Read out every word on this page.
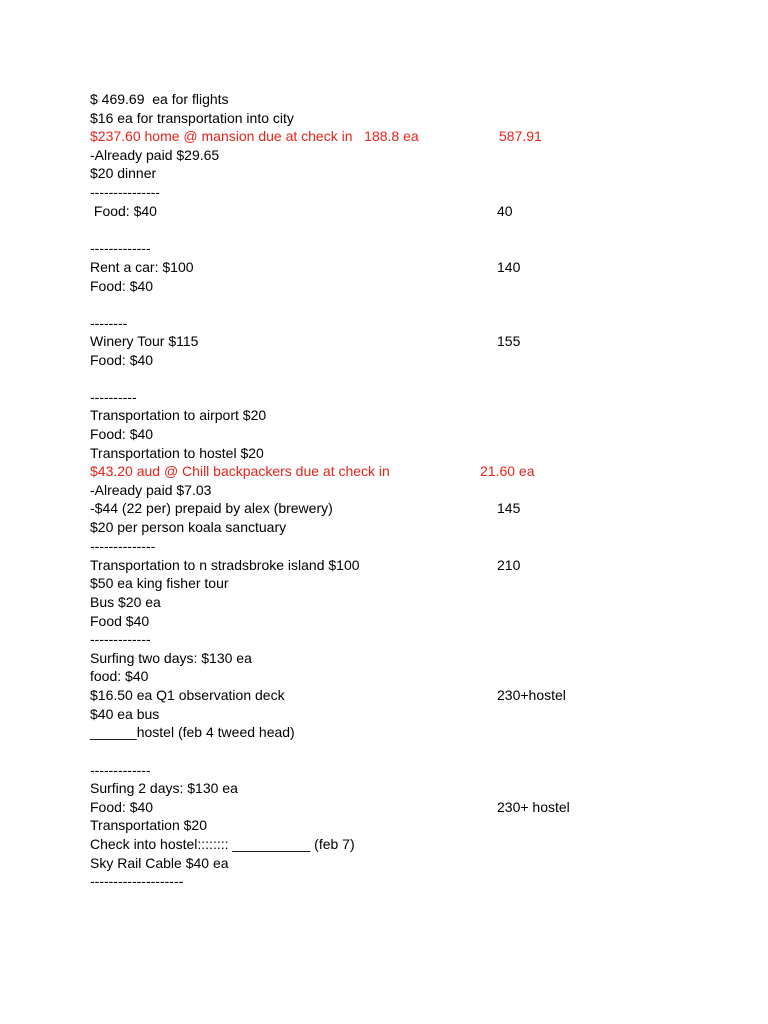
$ 469.69  ea for flights
$16 ea for transportation into city
$237.60 home @ mansion due at check in   188.8 ea	587.91
-Already paid $29.65
$20 dinner
---------------
Food: $40	40
-------------
Rent a car: $100	140
Food: $40
--------
Winery Tour $115	155
Food: $40
----------
Transportation to airport $20
Food: $40
Transportation to hostel $20
$43.20 aud @ Chill backpackers due at check in	21.60 ea
-Already paid $7.03
-$44 (22 per) prepaid by alex (brewery)	145
$20 per person koala sanctuary
--------------
Transportation to n stradsbroke island $100	210
$50 ea king fisher tour
Bus $20 ea
Food $40
-------------
Surfing two days: $130 ea
food: $40
$16.50 ea Q1 observation deck	230+hostel
$40 ea bus
______hostel (feb 4 tweed head)
-------------
Surfing 2 days: $130 ea
Food: $40	230+ hostel
Transportation $20
Check into hostel:::::::: __________ (feb 7)
Sky Rail Cable $40 ea
--------------------
